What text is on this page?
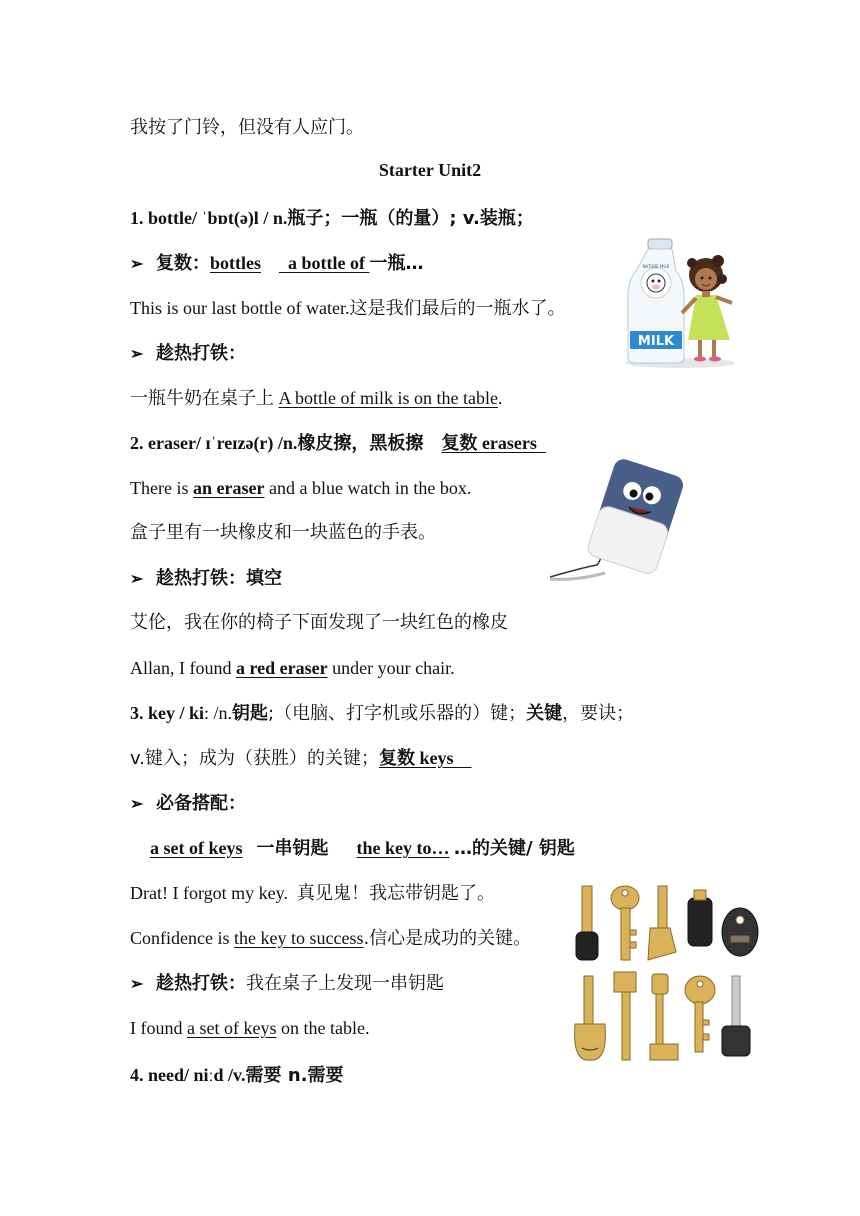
我按了门铃，但没有人应门。
Starter Unit2
1. bottle/ ˈbɒt(ə)l / n.瓶子；一瓶（的量）; v.装瓶；
➢ 复数：bottles a bottle of 一瓶…
This is our last bottle of water.这是我们最后的一瓶水了。
➢ 趁热打铁：
一瓶牛奶在桌子上 A bottle of milk is on the table.
2. eraser/ ɪˈreɪzə(r) /n.橡皮擦，黑板擦 复数 erasers
There is an eraser and a blue watch in the box.
盒子里有一块橡皮和一块蓝色的手表。
➢ 趁热打铁：填空
艾伦，我在你的椅子下面发现了一块红色的橡皮
Allan, I found a red eraser under your chair.
3. key / ki: /n.钥匙;（电脑、打字机或乐器的）键；关键，要诀；
v.键入；成为（获胜）的关键；复数 keys
➢ 必备搭配：
a set of keys 一串钥匙 the key to… …的关键/ 钥匙
Drat! I forgot my key. 真见鬼！我忘带钥匙了。
Confidence is the key to success.信心是成功的关键。
➢ 趁热打铁：我在桌子上发现一串钥匙
I found a set of keys on the table.
4. need/ niːd /v.需要 n.需要
NATURE MILK
MILK
